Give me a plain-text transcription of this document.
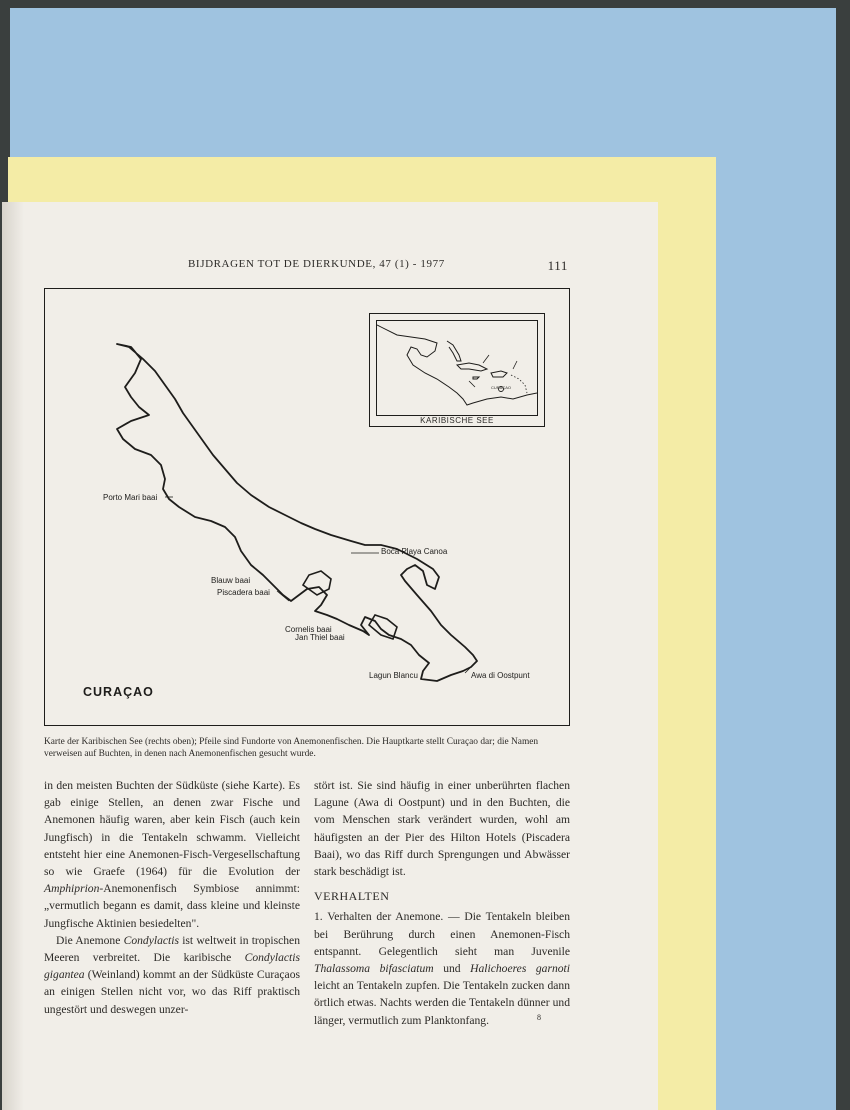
BIJDRAGEN TOT DE DIERKUNDE, 47 (1) - 1977	111
Porto Mari baai
Boca Playa Canoa
Blauw baai
Piscadera baai
Cornelis baai
Jan Thiel baai
Lagun Blancu	Awa di Oostpunt
CURAÇAO
CURAÇAO
KARIBISCHE SEE
Karte der Karibischen See (rechts oben); Pfeile sind Fundorte von Anemonenfischen. Die Hauptkarte stellt Curaçao dar; die Namen verweisen auf Buchten, in denen nach Anemonenfischen gesucht wurde.

in den meisten Buchten der Südküste (siehe Karte). Es gab einige Stellen, an denen zwar Fische und Anemonen häufig waren, aber kein Fisch (auch kein Jungfisch) in die Tentakeln schwamm. Vielleicht entsteht hier eine Anemonen-Fisch-Vergesellschaftung so wie Graefe (1964) für die Evolution der Amphiprion-Anemonenfisch Symbiose annimmt: „vermutlich begann es damit, dass kleine und kleinste Jungfische Aktinien besiedelten".

Die Anemone Condylactis ist weltweit in tropischen Meeren verbreitet. Die karibische Condylactis gigantea (Weinland) kommt an der Südküste Curaçaos an einigen Stellen nicht vor, wo das Riff praktisch ungestört und deswegen unzer-

stört ist. Sie sind häufig in einer unberührten flachen Lagune (Awa di Oostpunt) und in den Buchten, die vom Menschen stark verändert wurden, wohl am häufigsten an der Pier des Hilton Hotels (Piscadera Baai), wo das Riff durch Sprengungen und Abwässer stark beschädigt ist.

VERHALTEN

1. Verhalten der Anemone. — Die Tentakeln bleiben bei Berührung durch einen Anemonen-Fisch entspannt. Gelegentlich sieht man Juvenile Thalassoma bifasciatum und Halichoeres garnoti leicht an Tentakeln zupfen. Die Tentakeln zucken dann örtlich etwas. Nachts werden die Tentakeln dünner und länger, vermutlich zum Planktonfang.	8
